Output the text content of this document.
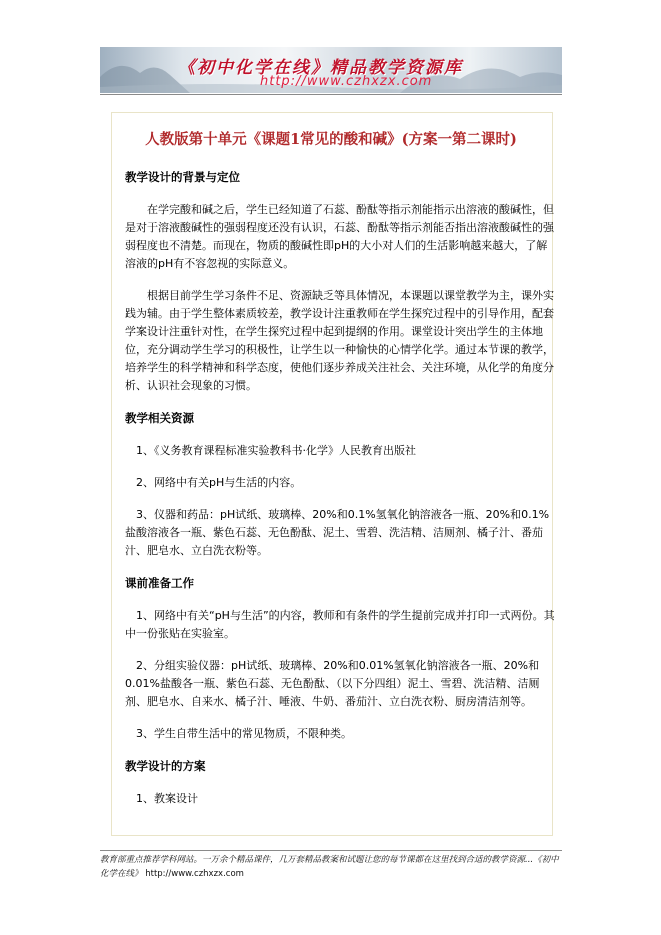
《初中化学在线》精品教学资源库
http://www.czhxzx.com
人教版第十单元《课题1常见的酸和碱》(方案一第二课时)
教学设计的背景与定位

  在学完酸和碱之后，学生已经知道了石蕊、酚酞等指示剂能指示出溶液的酸碱性，但是对于溶液酸碱性的强弱程度还没有认识，石蕊、酚酞等指示剂能否指出溶液酸碱性的强弱程度也不清楚。而现在，物质的酸碱性即pH的大小对人们的生活影响越来越大，了解溶液的pH有不容忽视的实际意义。

  根据目前学生学习条件不足、资源缺乏等具体情况，本课题以课堂教学为主，课外实践为辅。由于学生整体素质较差，教学设计注重教师在学生探究过程中的引导作用，配套学案设计注重针对性，在学生探究过程中起到提纲的作用。课堂设计突出学生的主体地位，充分调动学生学习的积极性，让学生以一种愉快的心情学化学。通过本节课的教学，培养学生的科学精神和科学态度，使他们逐步养成关注社会、关注环境，从化学的角度分析、认识社会现象的习惯。

教学相关资源

 1、《义务教育课程标准实验教科书·化学》人民教育出版社

 2、网络中有关pH与生活的内容。

 3、仪器和药品：pH试纸、玻璃棒、20%和0.1%氢氧化钠溶液各一瓶、20%和0.1%盐酸溶液各一瓶、紫色石蕊、无色酚酞、泥土、雪碧、洗洁精、洁厕剂、橘子汁、番茄汁、肥皂水、立白洗衣粉等。

课前准备工作

 1、网络中有关“pH与生活”的内容，教师和有条件的学生提前完成并打印一式两份。其中一份张贴在实验室。

 2、分组实验仪器：pH试纸、玻璃棒、20%和0.01%氢氧化钠溶液各一瓶、20%和0.01%盐酸各一瓶、紫色石蕊、无色酚酞、（以下分四组）泥土、雪碧、洗洁精、洁厕剂、肥皂水、自来水、橘子汁、唾液、牛奶、番茄汁、立白洗衣粉、厨房清洁剂等。

 3、学生自带生活中的常见物质，不限种类。

教学设计的方案

 1、教案设计

教育部重点推荐学科网站。一万余个精品课件，几万套精品教案和试题让您的每节课都在这里找到合适的教学资源...《初中化学在线》 http://www.czhxzx.com
